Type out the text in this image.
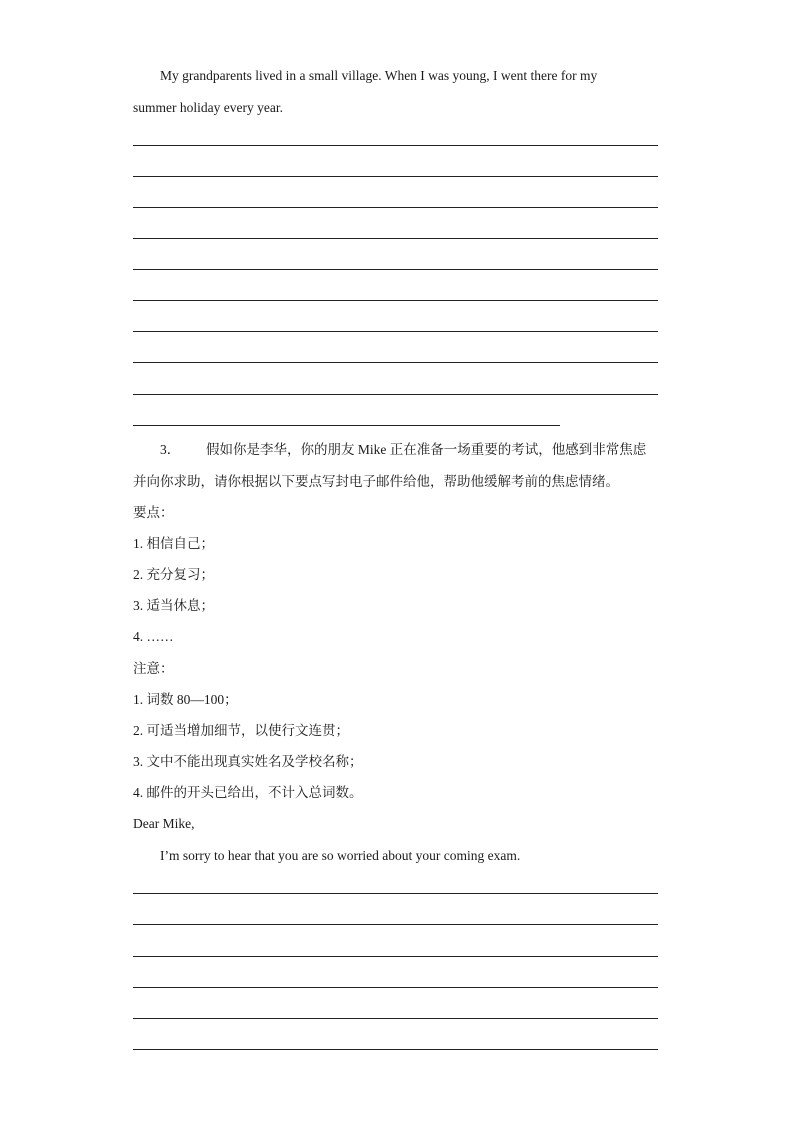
My grandparents lived in a small village. When I was young, I went there for my
summer holiday every year.
3． 假如你是李华，你的朋友 Mike 正在准备一场重要的考试，他感到非常焦虑
并向你求助，请你根据以下要点写封电子邮件给他，帮助他缓解考前的焦虑情绪。
要点：
1. 相信自己；
2. 充分复习；
3. 适当休息；
4. ……
注意：
1. 词数 80—100；
2. 可适当增加细节，以使行文连贯；
3. 文中不能出现真实姓名及学校名称；
4. 邮件的开头已给出，不计入总词数。
Dear Mike,
I’m sorry to hear that you are so worried about your coming exam.
